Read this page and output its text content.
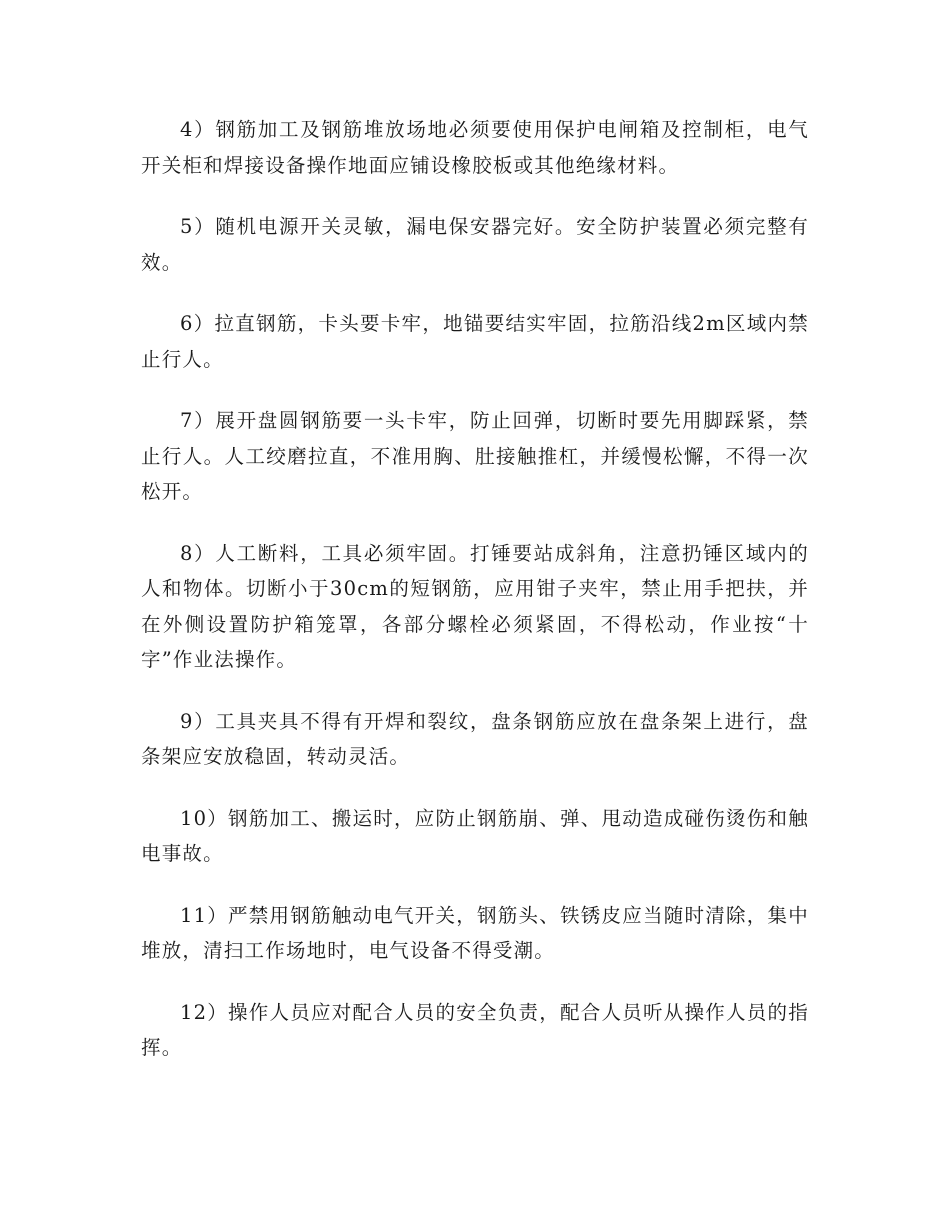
4）钢筋加工及钢筋堆放场地必须要使用保护电闸箱及控制柜，电气开关柜和焊接设备操作地面应铺设橡胶板或其他绝缘材料。

5）随机电源开关灵敏，漏电保安器完好。安全防护装置必须完整有效。

6）拉直钢筋，卡头要卡牢，地锚要结实牢固，拉筋沿线2m区域内禁止行人。

7）展开盘圆钢筋要一头卡牢，防止回弹，切断时要先用脚踩紧，禁止行人。人工绞磨拉直，不准用胸、肚接触推杠，并缓慢松懈，不得一次松开。

8）人工断料，工具必须牢固。打锤要站成斜角，注意扔锤区域内的人和物体。切断小于30cm的短钢筋，应用钳子夹牢，禁止用手把扶，并在外侧设置防护箱笼罩，各部分螺栓必须紧固，不得松动，作业按“十字”作业法操作。

9）工具夹具不得有开焊和裂纹，盘条钢筋应放在盘条架上进行，盘条架应安放稳固，转动灵活。

10）钢筋加工、搬运时，应防止钢筋崩、弹、甩动造成碰伤烫伤和触电事故。

11）严禁用钢筋触动电气开关，钢筋头、铁锈皮应当随时清除，集中堆放，清扫工作场地时，电气设备不得受潮。

12）操作人员应对配合人员的安全负责，配合人员听从操作人员的指挥。
